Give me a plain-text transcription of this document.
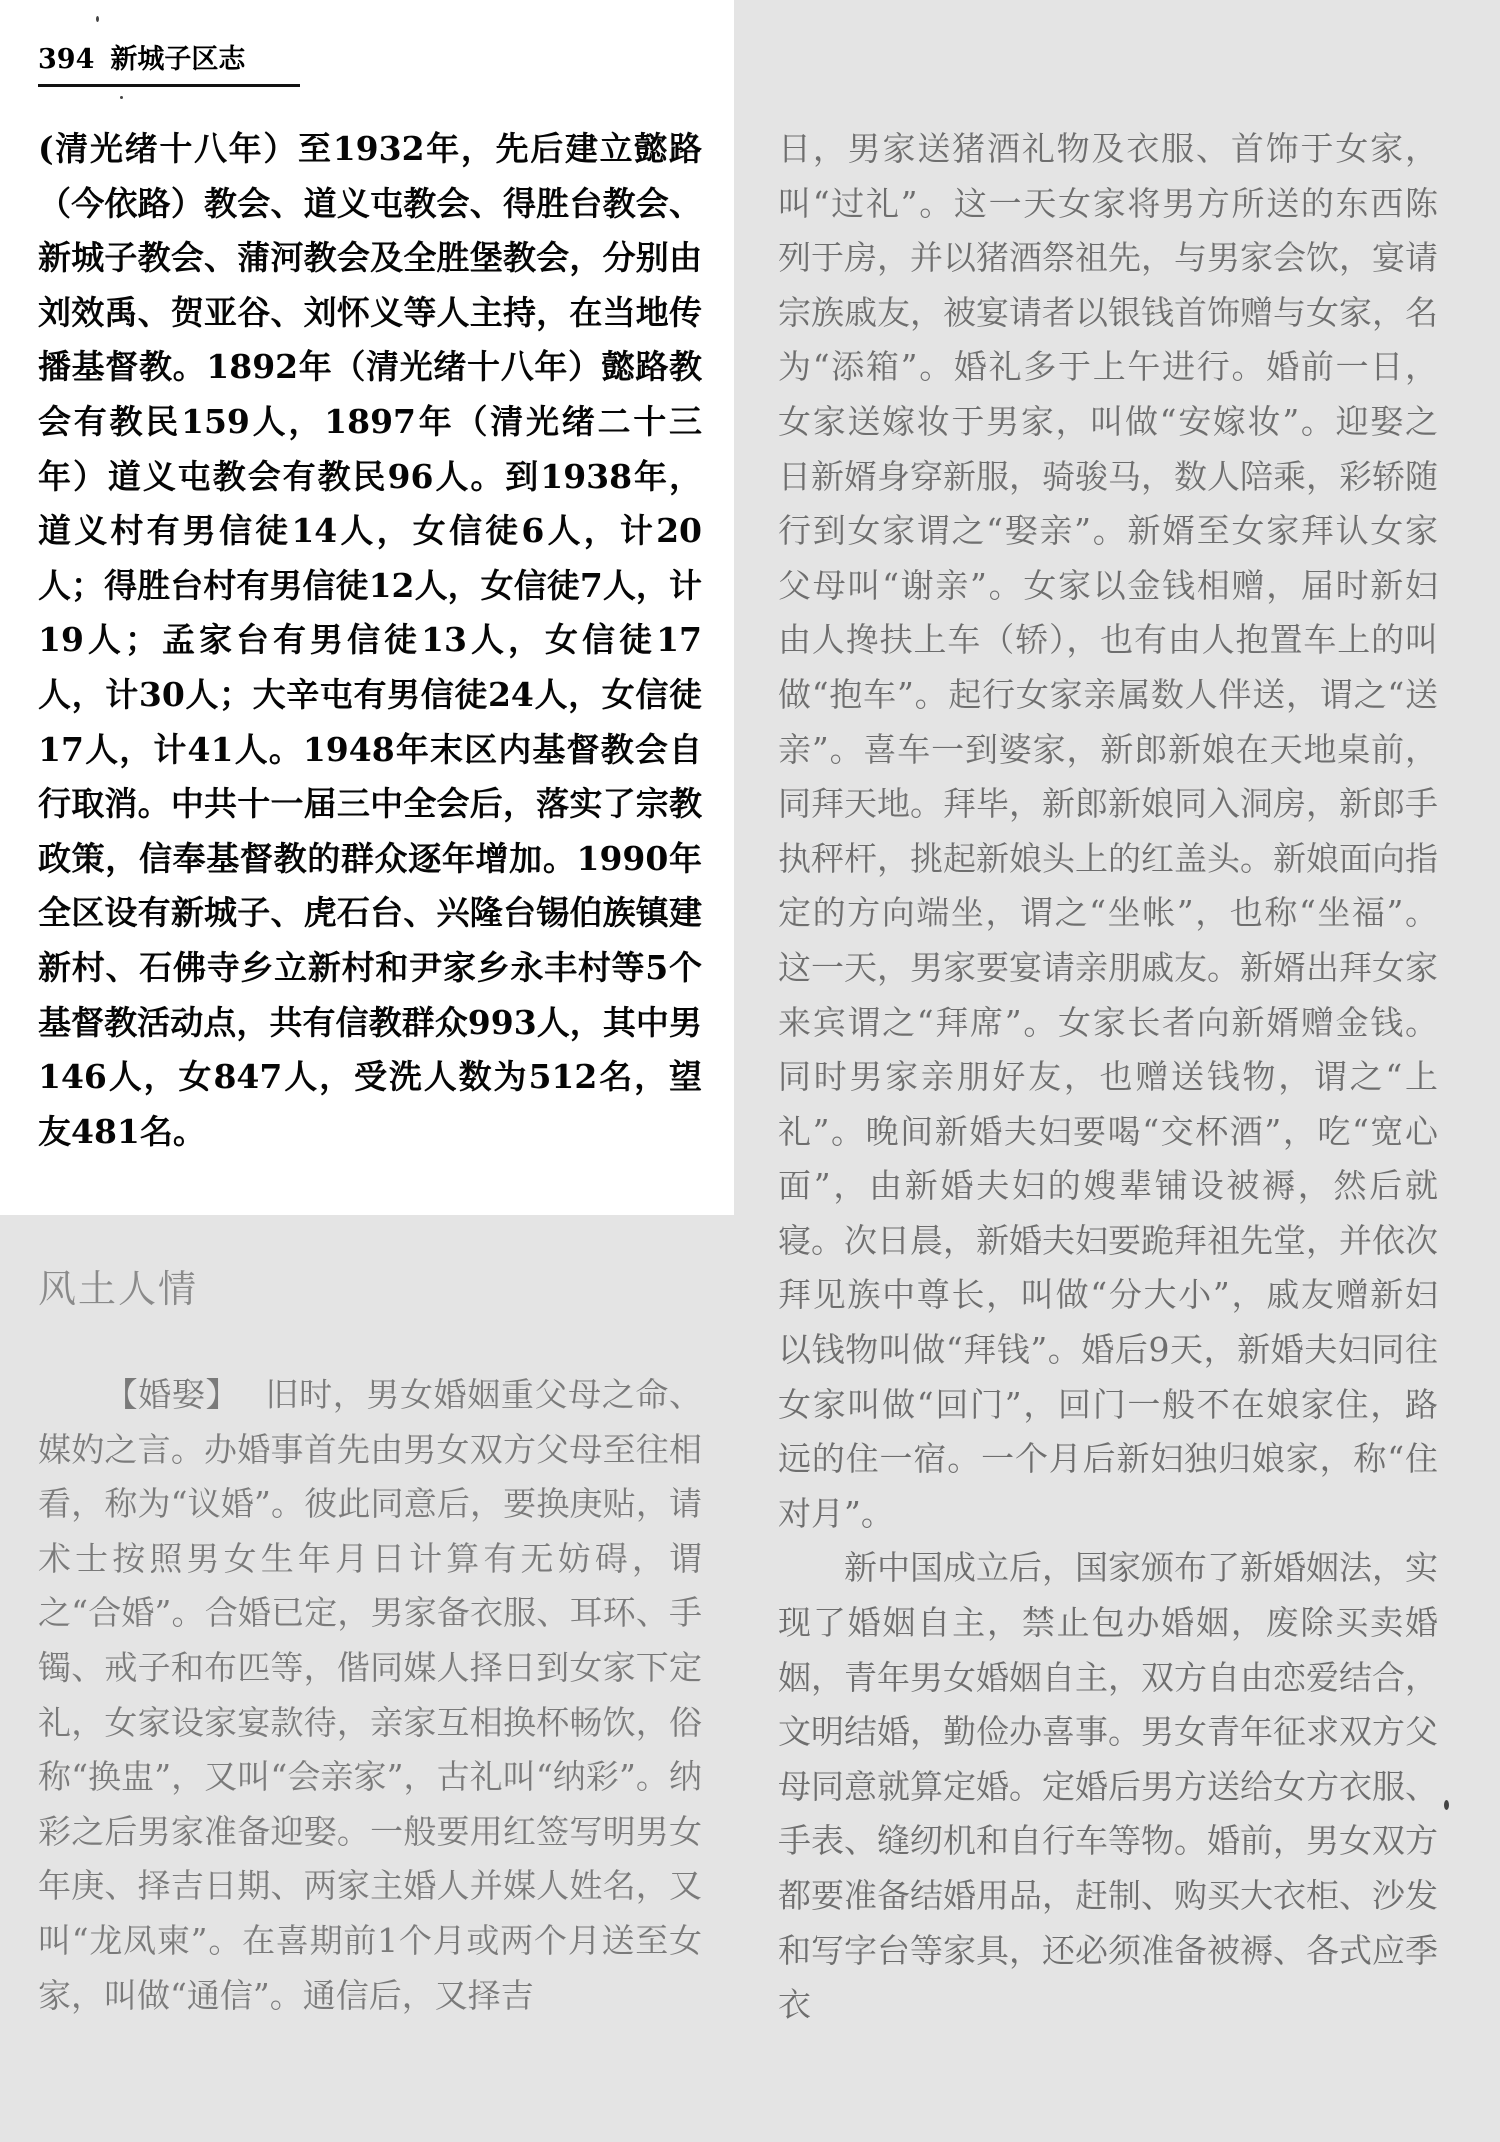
394 新城子区志

(清光绪十八年）至1932年，先后建立懿路（今依路）教会、道义屯教会、得胜台教会、新城子教会、蒲河教会及全胜堡教会，分别由刘效禹、贺亚谷、刘怀义等人主持，在当地传播基督教。1892年（清光绪十八年）懿路教会有教民159人，1897年（清光绪二十三年）道义屯教会有教民96人。到1938年，道义村有男信徒14人，女信徒6人，计20人；得胜台村有男信徒12人，女信徒7人，计19人；孟家台有男信徒13人，女信徒17人，计30人；大辛屯有男信徒24人，女信徒17人，计41人。1948年末区内基督教会自行取消。中共十一届三中全会后，落实了宗教政策，信奉基督教的群众逐年增加。1990年全区设有新城子、虎石台、兴隆台锡伯族镇建新村、石佛寺乡立新村和尹家乡永丰村等5个基督教活动点，共有信教群众993人，其中男146人，女847人，受洗人数为512名，望友481名。

风土人情

【婚娶】 旧时，男女婚姻重父母之命、媒妁之言。办婚事首先由男女双方父母至往相看，称为“议婚”。彼此同意后，要换庚贴，请术士按照男女生年月日计算有无妨碍，谓之“合婚”。合婚已定，男家备衣服、耳环、手镯、戒子和布匹等，偕同媒人择日到女家下定礼，女家设家宴款待，亲家互相换杯畅饮，俗称“换盅”，又叫“会亲家”，古礼叫“纳彩”。纳彩之后男家准备迎娶。一般要用红签写明男女年庚、择吉日期、两家主婚人并媒人姓名，又叫“龙凤柬”。在喜期前1个月或两个月送至女家，叫做“通信”。通信后，又择吉

日，男家送猪酒礼物及衣服、首饰于女家，叫“过礼”。这一天女家将男方所送的东西陈列于房，并以猪酒祭祖先，与男家会饮，宴请宗族戚友，被宴请者以银钱首饰赠与女家，名为“添箱”。婚礼多于上午进行。婚前一日，女家送嫁妆于男家，叫做“安嫁妆”。迎娶之日新婿身穿新服，骑骏马，数人陪乘，彩轿随行到女家谓之“娶亲”。新婿至女家拜认女家父母叫“谢亲”。女家以金钱相赠，届时新妇由人搀扶上车（轿），也有由人抱置车上的叫做“抱车”。起行女家亲属数人伴送，谓之“送亲”。喜车一到婆家，新郎新娘在天地桌前，同拜天地。拜毕，新郎新娘同入洞房，新郎手执秤杆，挑起新娘头上的红盖头。新娘面向指定的方向端坐，谓之“坐帐”，也称“坐福”。这一天，男家要宴请亲朋戚友。新婿出拜女家来宾谓之“拜席”。女家长者向新婿赠金钱。同时男家亲朋好友，也赠送钱物，谓之“上礼”。晚间新婚夫妇要喝“交杯酒”，吃“宽心面”，由新婚夫妇的嫂辈铺设被褥，然后就寝。次日晨，新婚夫妇要跪拜祖先堂，并依次拜见族中尊长，叫做“分大小”，戚友赠新妇以钱物叫做“拜钱”。婚后9天，新婚夫妇同往女家叫做“回门”，回门一般不在娘家住，路远的住一宿。一个月后新妇独归娘家，称“住对月”。

新中国成立后，国家颁布了新婚姻法，实现了婚姻自主，禁止包办婚姻，废除买卖婚姻，青年男女婚姻自主，双方自由恋爱结合，文明结婚，勤俭办喜事。男女青年征求双方父母同意就算定婚。定婚后男方送给女方衣服、手表、缝纫机和自行车等物。婚前，男女双方都要准备结婚用品，赶制、购买大衣柜、沙发和写字台等家具，还必须准备被褥、各式应季衣
